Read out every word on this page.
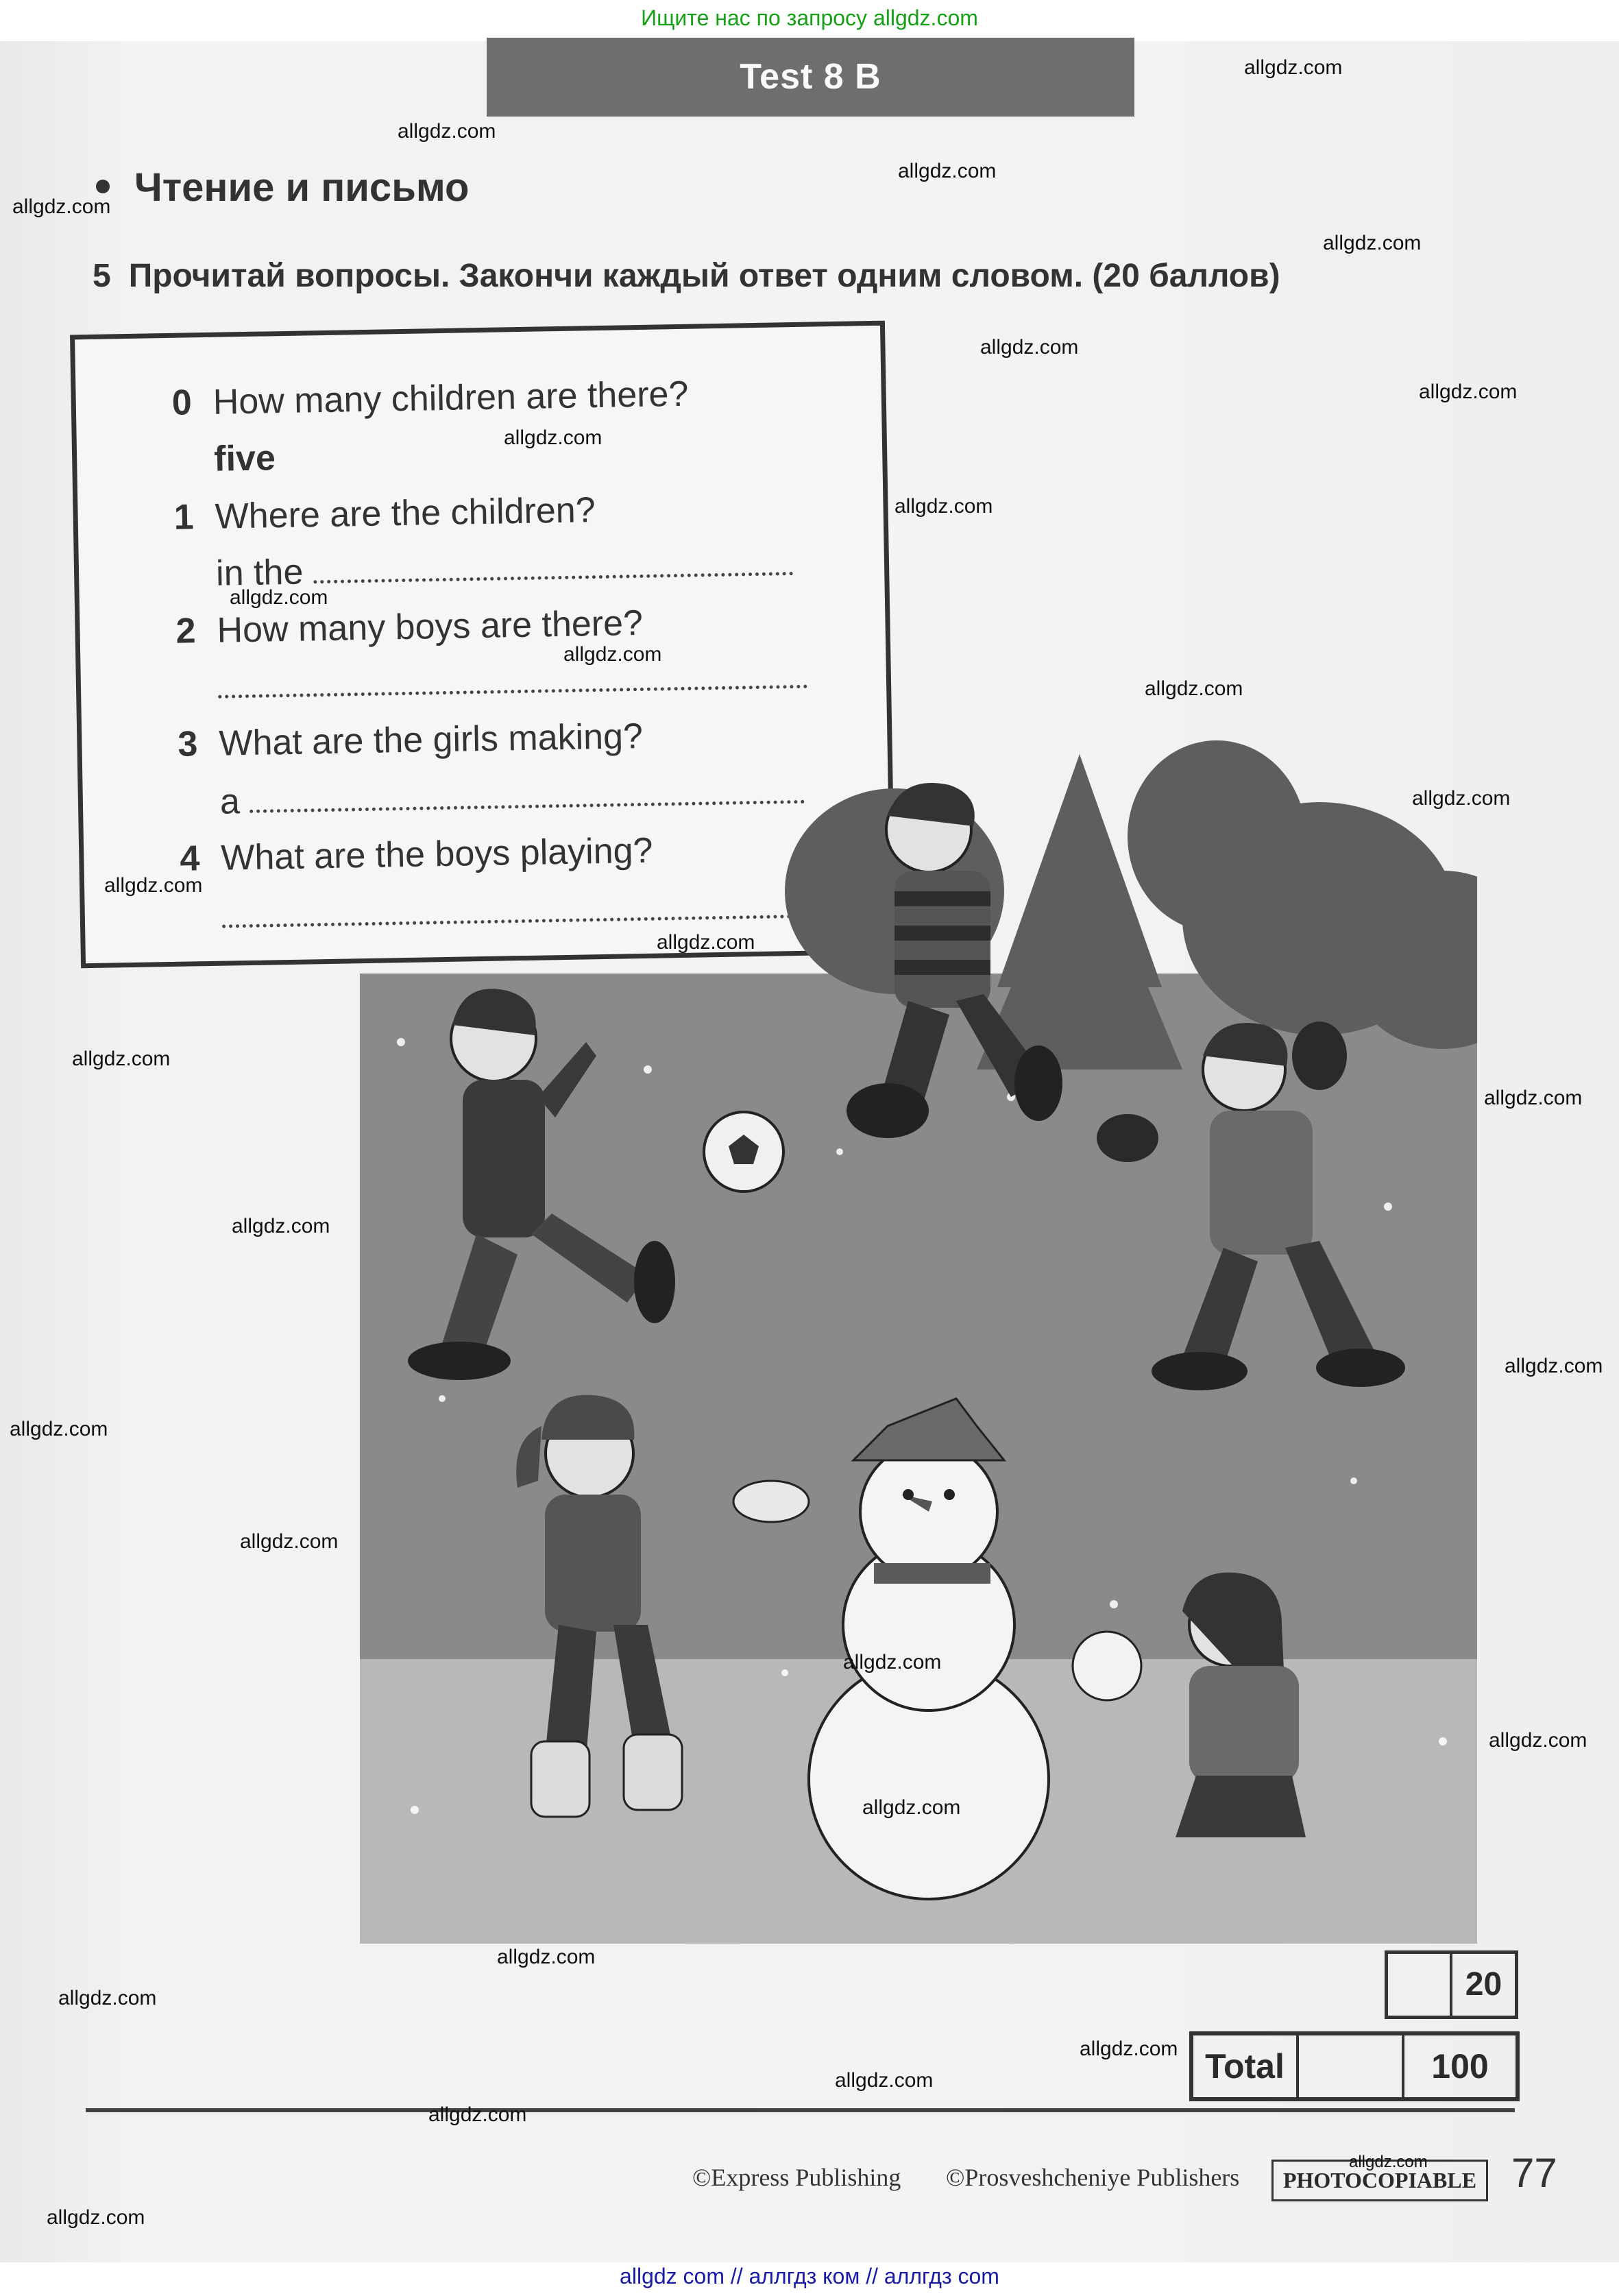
Ищите нас по запросу allgdz.com
Test 8 B
Чтение и письмо
5 Прочитай вопросы. Закончи каждый ответ одним словом. (20 баллов)
0 How many children are there?
five
1 Where are the children?
in the
2 How many boys are there?
3 What are the girls making?
a
4 What are the boys playing?
20
Total	100
©Express Publishing ©Prosveshcheniye Publishers	PHOTOCOPIABLE 77
allgdz.com
allgdz.com
allgdz.com
allgdz.com
allgdz.com
allgdz.com
allgdz.com
allgdz.com
allgdz.com
allgdz.com
allgdz.com
allgdz.com
allgdz.com
allgdz.com
allgdz.com
allgdz.com
allgdz.com
allgdz.com
allgdz.com
allgdz.com
allgdz.com
allgdz.com
allgdz.com
allgdz.com
allgdz.com
allgdz.com
allgdz.com
allgdz.com
allgdz.com
allgdz.com
allgdz.com
allgdz com // аллгдз ком // аллгдз com
